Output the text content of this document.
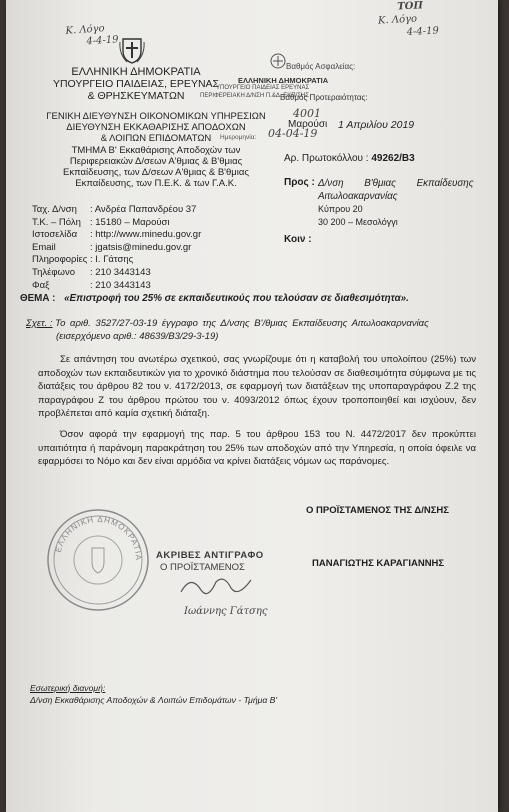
Κ. Λόγο
4-4-19
ΤΟΠ
Κ. Λόγο
4-4-19
ΕΛΛΗΝΙΚΗ ΔΗΜΟΚΡΑΤΙΑ
ΥΠΟΥΡΓΕΙΟ ΠΑΙΔΕΙΑΣ, ΕΡΕΥΝΑΣ
& ΘΡΗΣΚΕΥΜΑΤΩΝ
ΓΕΝΙΚΗ ΔΙΕΥΘΥΝΣΗ ΟΙΚΟΝΟΜΙΚΩΝ ΥΠΗΡΕΣΙΩΝ
ΔΙΕΥΘΥΝΣΗ ΕΚΚΑΘΑΡΙΣΗΣ ΑΠΟΔΟΧΩΝ
& ΛΟΙΠΩΝ ΕΠΙΔΟΜΑΤΩΝ
ΤΜΗΜΑ Β' Εκκαθάρισης Αποδοχών των
Περιφερειακών Δ/σεων Α'θμιας & Β'θμιας
Εκπαίδευσης, των Δ/σεων Α'θμιας & Β'θμιας
Εκπαίδευσης, των Π.Ε.Κ. & των Γ.Α.Κ.
Βαθμός Ασφαλείας:
ΕΛΛΗΝΙΚΗ ΔΗΜΟΚΡΑΤΙΑ
ΥΠΟΥΡΓΕΙΟ ΠΑΙΔΕΙΑΣ ΕΡΕΥΝΑΣ
ΠΕΡΙΦΕΡΕΙΑΚΗ Δ/ΝΣΗ Π.&Δ. ΕΚΠ/ΣΗΣ
Βαθμός Προτεραιότητας:
4001
Ημερομηνία: 04-04-19
Μαρούσι 1 Απριλίου 2019
Αρ. Πρωτοκόλλου : 49262/Β3
Προς : Δ/νση Β'θμιας Εκπαίδευσης
Αιτωλοακαρνανίας
Κύπρου 20
30 200 – Μεσολόγγι
Κοιν :
Ταχ. Δ/νση : Ανδρέα Παπανδρέου 37
Τ.Κ. – Πόλη : 15180 – Μαρούσι
Ιστοσελίδα : http://www.minedu.gov.gr
Email	: jgatsis@minedu.gov.gr
Πληροφορίες : Ι. Γάτσης
Τηλέφωνο : 210 3443143
Φαξ	: 210 3443143
ΘΕΜΑ : «Επιστροφή του 25% σε εκπαιδευτικούς που τελούσαν σε διαθεσιμότητα».
Σχετ. : Το αριθ. 3527/27-03-19 έγγραφο της Δ/νσης Β'/θμιας Εκπαίδευσης Αιτωλοακαρνανίας
(εισερχόμενο αριθ.: 48639/Β3/29-3-19)
Σε απάντηση του ανωτέρω σχετικού, σας γνωρίζουμε ότι η καταβολή του υπολοίπου (25%) των αποδοχών των εκπαιδευτικών για το χρονικό διάστημα που τελούσαν σε διαθεσιμότητα σύμφωνα με τις διατάξεις του άρθρου 82 του ν. 4172/2013, σε εφαρμογή των διατάξεων της υποπαραγράφου Ζ.2 της παραγράφου Ζ του άρθρου πρώτου του ν. 4093/2012 όπως έχουν τροποποιηθεί και ισχύουν, δεν προβλέπεται από καμία σχετική διάταξη.
Όσον αφορά την εφαρμογή της παρ. 5 του άρθρου 153 του Ν. 4472/2017 δεν προκύπτει υπαιτιότητα ή παράνομη παρακράτηση του 25% των αποδοχών από την Υπηρεσία, η οποία όφειλε να εφαρμόσει το Νόμο και δεν είναι αρμόδια να κρίνει διατάξεις νόμων ως παράνομες.
Ο ΠΡΟΪΣΤΑΜΕΝΟΣ ΤΗΣ Δ/ΝΣΗΣ
ΠΑΝΑΓΙΩΤΗΣ ΚΑΡΑΓΙΑΝΝΗΣ
ΕΛΛΗΝΙΚΗ ΔΗΜΟΚΡΑΤΙΑ ΑΚΡΙΒΕΣ ΑΝΤΙΓΡΑΦΟ
Ο ΠΡΟΪΣΤΑΜΕΝΟΣ
Ιωάννης Γάτσης
Εσωτερική διανομή:
Δ/νση Εκκαθάρισης Αποδοχών & Λοιπών Επιδομάτων - Τμήμα Β'
